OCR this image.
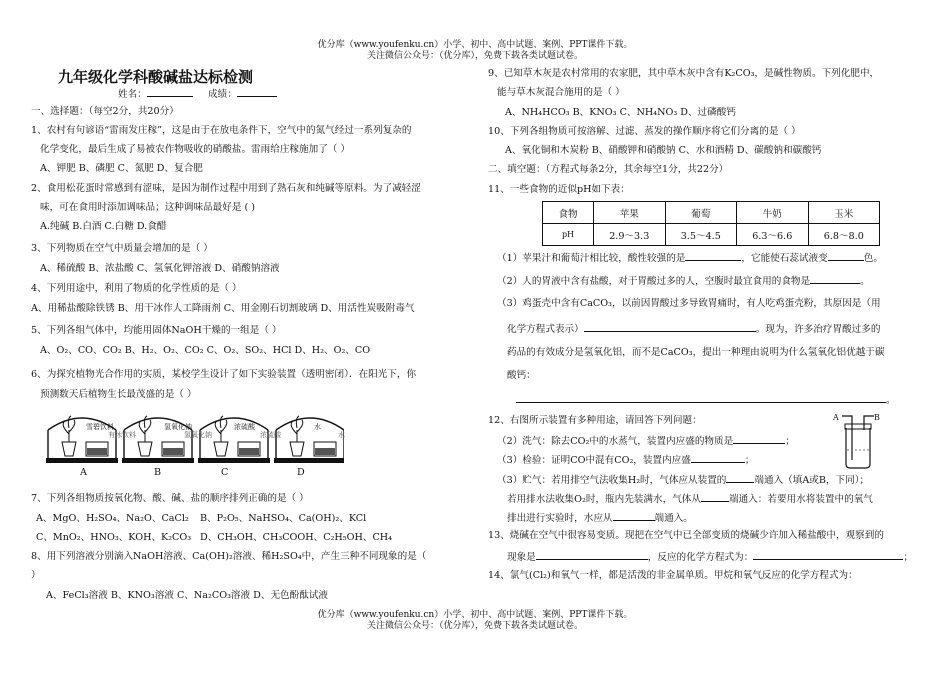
优分库（www.youfenku.cn）小学、初中、高中试题、案例、PPT课件下载。
关注微信公众号：（优分库），免费下载各类试题试卷。
九年级化学科酸碱盐达标检测
姓名：	成绩：
一、选择题：（每空2分，共20分）
1、农村有句谚语“雷雨发庄稼”，这是由于在放电条件下，空气中的氮气经过一系列复杂的
化学变化，最后生成了易被农作物吸收的硝酸盐。雷雨给庄稼施加了（ ）
A、钾肥 B、磷肥 C、氮肥 D、复合肥
2、食用松花蛋时常感到有涩味，是因为制作过程中用到了熟石灰和纯碱等原料。为了减轻涩
味，可在食用时添加调味品；这种调味品最好是 ( )
A.纯碱 B.白酒 C.白糖 D.食醋
3、下列物质在空气中质量会增加的是（ ）
A、稀硫酸 B、浓盐酸 C、氢氧化钾溶液 D、硝酸钠溶液
4、下列用途中，利用了物质的化学性质的是（ ）
A、用稀盐酸除铁锈 B、用干冰作人工降雨剂 C、用金刚石切割玻璃 D、用活性炭吸附毒气
5、下列各组气体中，均能用固体NaOH干燥的一组是（ ）
A、O₂、CO、CO₂ B、H₂、O₂、CO₂ C、O₂、SO₂、HCl D、H₂、O₂、CO
6、为探究植物光合作用的实质，某校学生设计了如下实验装置（透明密闭）．在阳光下，你
预测数天后植物生长最茂盛的是（ ）
雪碧饮料	氢氧化钠	浓硫酸	水
有冰饮料	氢氧化钠	浓硫酸	水
A	B	C	D
7、下列各组物质按氧化物、酸、碱、盐的顺序排列正确的是（ ）
A、MgO、H₂SO₄、Na₂O、CaCl₂ B、P₂O₅、NaHSO₄、Ca(OH)₂、KCl
C、MnO₂、HNO₃、KOH、K₂CO₃ D、CH₃OH、CH₃COOH、C₂H₅OH、CH₄
8、用下列溶液分别滴入NaOH溶液、Ca(OH)₂溶液、稀H₂SO₄中，产生三种不同现象的是（
）
A、FeCl₃溶液 B、KNO₃溶液 C、Na₂CO₃溶液 D、无色酚酞试液
9、已知草木灰是农村常用的农家肥，其中草木灰中含有K₂CO₃，是碱性物质。下列化肥中，
能与草木灰混合施用的是（ ）
A、NH₄HCO₃ B、KNO₃ C、NH₄NO₃ D、过磷酸钙
10、下列各组物质可按溶解、过滤、蒸发的操作顺序将它们分离的是（ ）
A、氧化铜和木炭粉 B、硝酸钾和硝酸钠 C、水和酒精 D、碳酸钠和碳酸钙
二、填空题：（方程式每条2分，其余每空1分，共22分）
11、一些食物的近似pH如下表：
食物	苹果	葡萄	牛奶	玉米
pH	2.9～3.3	3.5～4.5	6.3～6.6	6.8～8.0
（1）苹果汁和葡萄汁相比较，酸性较强的是	，它能使石蕊试液变	色。
（2）人的胃液中含有盐酸，对于胃酸过多的人，空腹时最宜食用的食物是	。
（3）鸡蛋壳中含有CaCO₃，以前因胃酸过多导致胃痛时，有人吃鸡蛋壳粉，其原因是（用
化学方程式表示）	。现为，许多治疗胃酸过多的
药品的有效成分是氢氧化铝，而不是CaCO₃，提出一种理由说明为什么氢氧化铝优越于碳
酸钙：
。
12、右图所示装置有多种用途，请回答下列问题：
（2）洗气：除去CO₂中的水蒸气，装置内应盛的物质是	；
（3）检验：证明CO中混有CO₂，装置内应盛	；
（3）贮气：若用排空气法收集H₂时，气体应从装置的	端通入（填A或B，下同）；
若用排水法收集O₂时，瓶内先装满水，气体从	端通入：若要用水将装置中的氧气
排出进行实验时，水应从	端通入。
A	B
13、烧碱在空气中很容易变质。现把在空气中已全部变质的烧碱少许加入稀盐酸中，观察到的
现象是	，反应的化学方程式为：	；
14、氯气(Cl₂)和氧气一样，都是活泼的非金属单质。甲烷和氧气反应的化学方程式为：
优分库（www.youfenku.cn）小学、初中、高中试题、案例、PPT课件下载。
关注微信公众号：（优分库），免费下载各类试题试卷。
